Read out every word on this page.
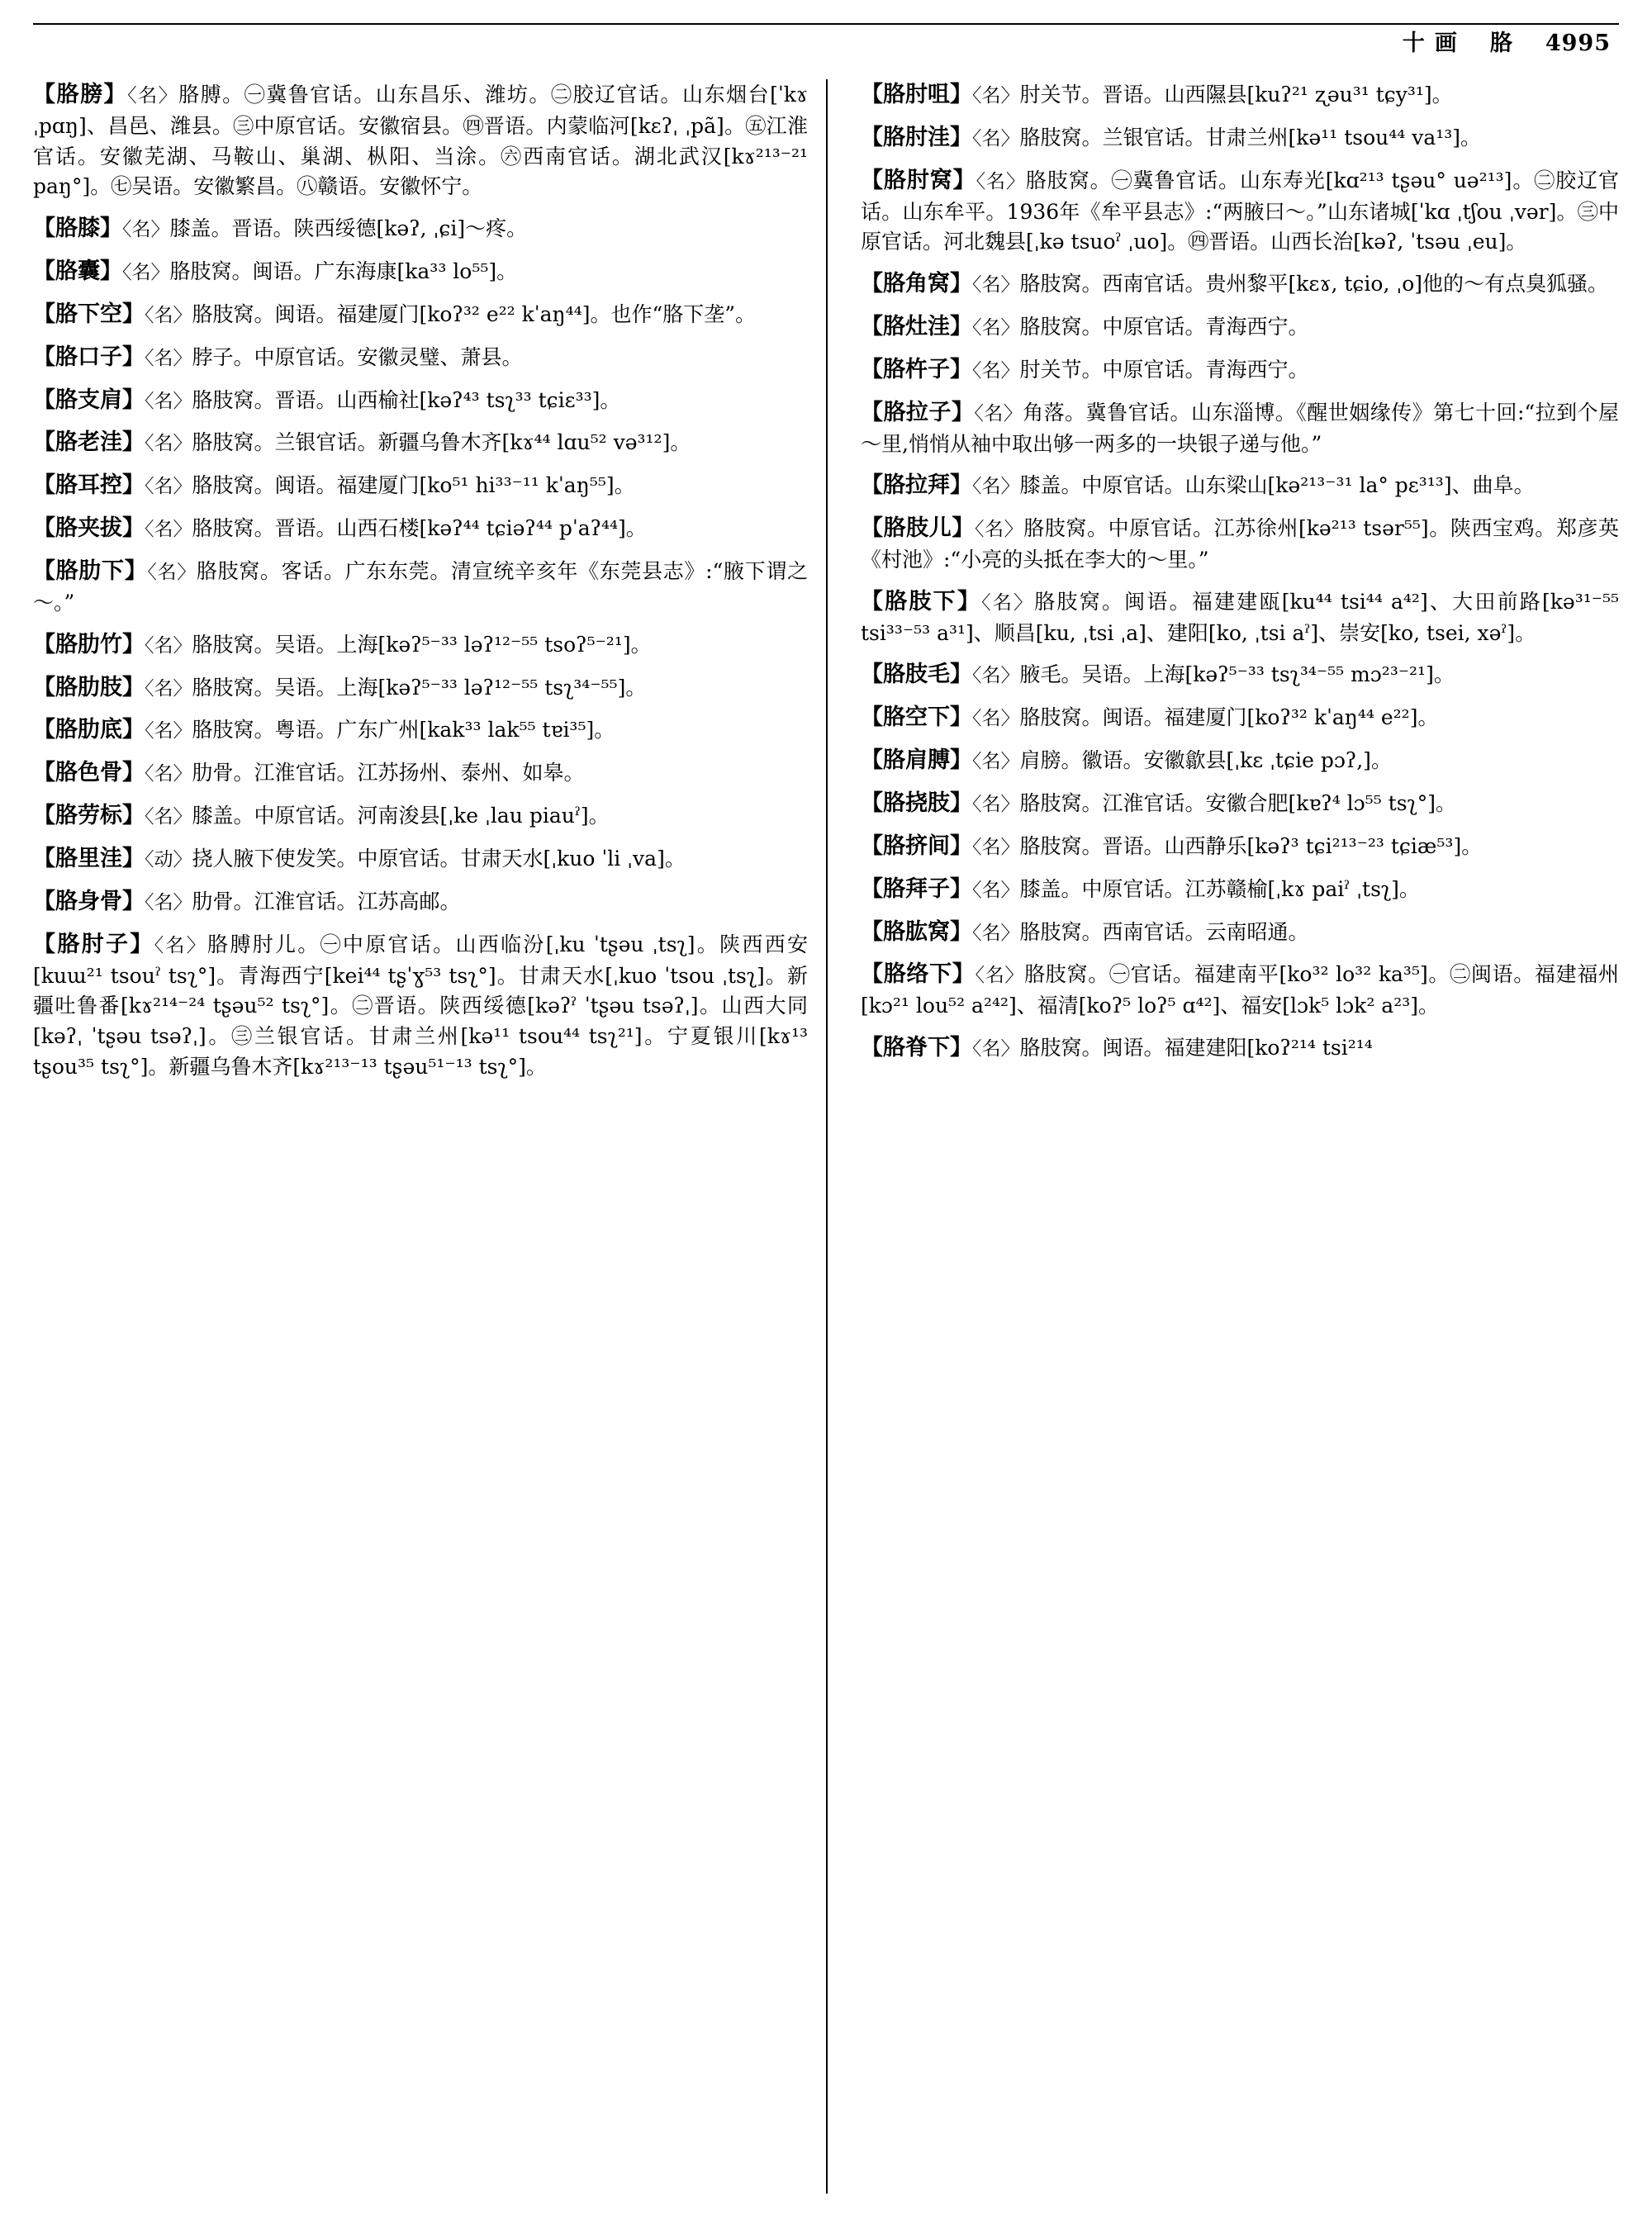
十画 胳 4995
【胳膀】〈名〉胳膊。㊀冀鲁官话。山东昌乐、潍坊。㊁胶辽官话。山东烟台[ˈkɤ ˌpɑŋ]、昌邑、潍县。㊂中原官话。安徽宿县。㊃晋语。内蒙临河[kɛʔˌ ˌpã]。㊄江淮官话。安徽芜湖、马鞍山、巢湖、枞阳、当涂。㊅西南官话。湖北武汉[kɤ²¹³⁻²¹ paŋ°]。㊆吴语。安徽繁昌。㊇赣语。安徽怀宁。
【胳膝】〈名〉膝盖。晋语。陕西绥德[kəʔ, ˌɕi]～疼。
【胳囊】〈名〉胳肢窝。闽语。广东海康[ka³³ lo⁵⁵]。
【胳下空】〈名〉胳肢窝。闽语。福建厦门[koʔ³² e²² kˈaŋ⁴⁴]。也作“胳下垄”。
【胳口子】〈名〉脖子。中原官话。安徽灵璧、萧县。
【胳支肩】〈名〉胳肢窝。晋语。山西榆社[kəʔ⁴³ tsʅ³³ tɕiɛ³³]。
【胳老洼】〈名〉胳肢窝。兰银官话。新疆乌鲁木齐[kɤ⁴⁴ lɑu⁵² və³¹²]。
【胳耳控】〈名〉胳肢窝。闽语。福建厦门[ko⁵¹ hi³³⁻¹¹ kˈaŋ⁵⁵]。
【胳夹拔】〈名〉胳肢窝。晋语。山西石楼[kəʔ⁴⁴ tɕiəʔ⁴⁴ pˈaʔ⁴⁴]。
【胳肋下】〈名〉胳肢窝。客话。广东东莞。清宣统辛亥年《东莞县志》:“腋下谓之～。”
【胳肋竹】〈名〉胳肢窝。吴语。上海[kəʔ⁵⁻³³ ləʔ¹²⁻⁵⁵ tsoʔ⁵⁻²¹]。
【胳肋肢】〈名〉胳肢窝。吴语。上海[kəʔ⁵⁻³³ ləʔ¹²⁻⁵⁵ tsʅ³⁴⁻⁵⁵]。
【胳肋底】〈名〉胳肢窝。粤语。广东广州[kak³³ lak⁵⁵ tɐi³⁵]。
【胳色骨】〈名〉肋骨。江淮官话。江苏扬州、泰州、如皋。
【胳劳标】〈名〉膝盖。中原官话。河南浚县[ˌke ˌlau piauˀ]。
【胳里洼】〈动〉挠人腋下使发笑。中原官话。甘肃天水[ˌkuo ˈli ˌva]。
【胳身骨】〈名〉肋骨。江淮官话。江苏高邮。
【胳肘子】〈名〉胳膊肘儿。㊀中原官话。山西临汾[ˌku ˈtʂəu ˌtsʅ]。陕西西安[kuɯ²¹ tsouˀ tsʅ°]。青海西宁[kei⁴⁴ tʂˈɣ⁵³ tsʅ°]。甘肃天水[ˌkuo ˈtsou ˌtsʅ]。新疆吐鲁番[kɤ²¹⁴⁻²⁴ tʂəu⁵² tsʅ°]。㊁晋语。陕西绥德[kəʔˀ ˈtʂəu tsəʔˌ]。山西大同[kəʔˌ ˈtʂəu tsəʔˌ]。㊂兰银官话。甘肃兰州[kə¹¹ tsou⁴⁴ tsʅ²¹]。宁夏银川[kɤ¹³ tʂou³⁵ tsʅ°]。新疆乌鲁木齐[kɤ²¹³⁻¹³ tʂəu⁵¹⁻¹³ tsʅ°]。
【胳肘咀】〈名〉肘关节。晋语。山西隰县[kuʔ²¹ ʐəu³¹ tɕy³¹]。
【胳肘洼】〈名〉胳肢窝。兰银官话。甘肃兰州[kə¹¹ tsou⁴⁴ va¹³]。
【胳肘窝】〈名〉胳肢窝。㊀冀鲁官话。山东寿光[kɑ²¹³ tʂəu° uə²¹³]。㊁胶辽官话。山东牟平。1936年《牟平县志》:“两腋曰～。”山东诸城[ˈkɑ ˌtʃou ˌvər]。㊂中原官话。河北魏县[ˌkə tsuoˀ ˌuo]。㊃晋语。山西长治[kəʔ, ˈtsəu ˌeu]。
【胳角窝】〈名〉胳肢窝。西南官话。贵州黎平[kɛɤ, tɕio, ˌo]他的～有点臭狐骚。
【胳灶洼】〈名〉胳肢窝。中原官话。青海西宁。
【胳杵子】〈名〉肘关节。中原官话。青海西宁。
【胳拉子】〈名〉角落。冀鲁官话。山东淄博。《醒世姻缘传》第七十回:“拉到个屋～里,悄悄从袖中取出够一两多的一块银子递与他。”
【胳拉拜】〈名〉膝盖。中原官话。山东梁山[kə²¹³⁻³¹ la° pɛ³¹³]、曲阜。
【胳肢儿】〈名〉胳肢窝。中原官话。江苏徐州[kə²¹³ tsər⁵⁵]。陕西宝鸡。郑彦英《村池》:“小亮的头抵在李大的～里。”
【胳肢下】〈名〉胳肢窝。闽语。福建建瓯[ku⁴⁴ tsi⁴⁴ a⁴²]、大田前路[kə³¹⁻⁵⁵ tsi³³⁻⁵³ a³¹]、顺昌[ku, ˌtsi ˌa]、建阳[ko, ˌtsi aˀ]、崇安[ko, tsei, xəˀ]。
【胳肢毛】〈名〉腋毛。吴语。上海[kəʔ⁵⁻³³ tsʅ³⁴⁻⁵⁵ mɔ²³⁻²¹]。
【胳空下】〈名〉胳肢窝。闽语。福建厦门[koʔ³² kˈaŋ⁴⁴ e²²]。
【胳肩膊】〈名〉肩膀。徽语。安徽歙县[ˌkɛ ˌtɕie pɔʔ,]。
【胳挠肢】〈名〉胳肢窝。江淮官话。安徽合肥[kɐʔ⁴ lɔ⁵⁵ tsʅ°]。
【胳挤间】〈名〉胳肢窝。晋语。山西静乐[kəʔ³ tɕi²¹³⁻²³ tɕiæ⁵³]。
【胳拜子】〈名〉膝盖。中原官话。江苏赣榆[ˌkɤ paiˀ ˌtsʅ]。
【胳肱窝】〈名〉胳肢窝。西南官话。云南昭通。
【胳络下】〈名〉胳肢窝。㊀官话。福建南平[ko³² lo³² ka³⁵]。㊁闽语。福建福州[kɔ²¹ lou⁵² a²⁴²]、福清[koʔ⁵ loʔ⁵ ɑ⁴²]、福安[lɔk⁵ lɔk² a²³]。
【胳脊下】〈名〉胳肢窝。闽语。福建建阳[koʔ²¹⁴ tsi²¹⁴
